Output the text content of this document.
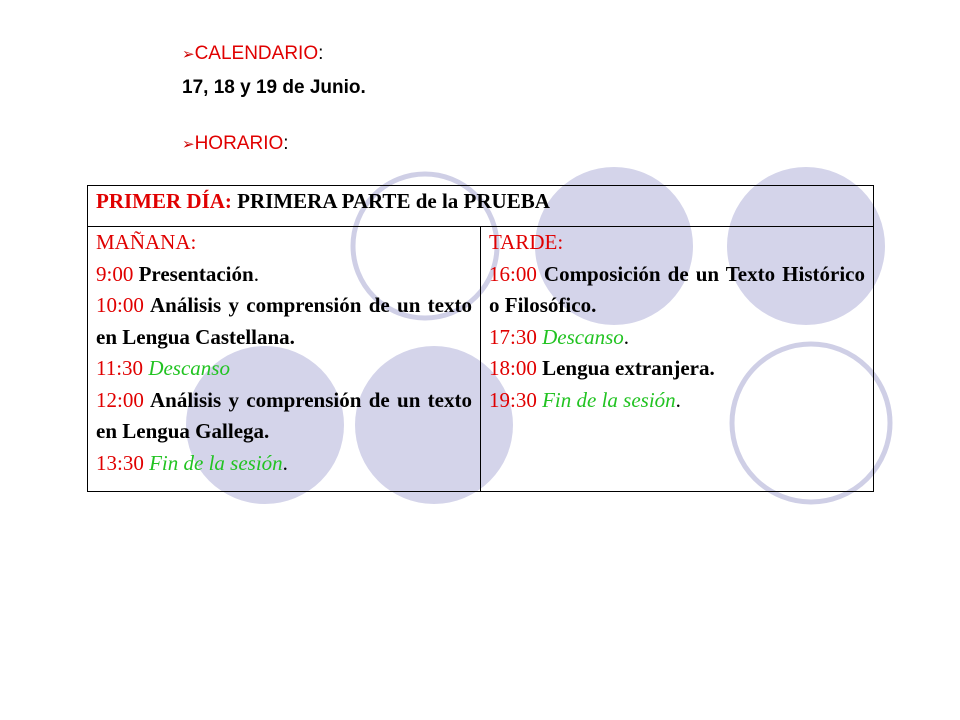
➢CALENDARIO:
17, 18 y 19 de Junio.
➢HORARIO:
PRIMER DÍA: PRIMERA PARTE de la PRUEBA

MAÑANA:
9:00 Presentación.
10:00 Análisis y comprensión de un texto en Lengua Castellana.
11:30 Descanso
12:00 Análisis y comprensión de un texto en Lengua Gallega.
13:30 Fin de la sesión.

TARDE:
16:00 Composición de un Texto Histórico o Filosófico.
17:30 Descanso.
18:00 Lengua extranjera.
19:30 Fin de la sesión.
